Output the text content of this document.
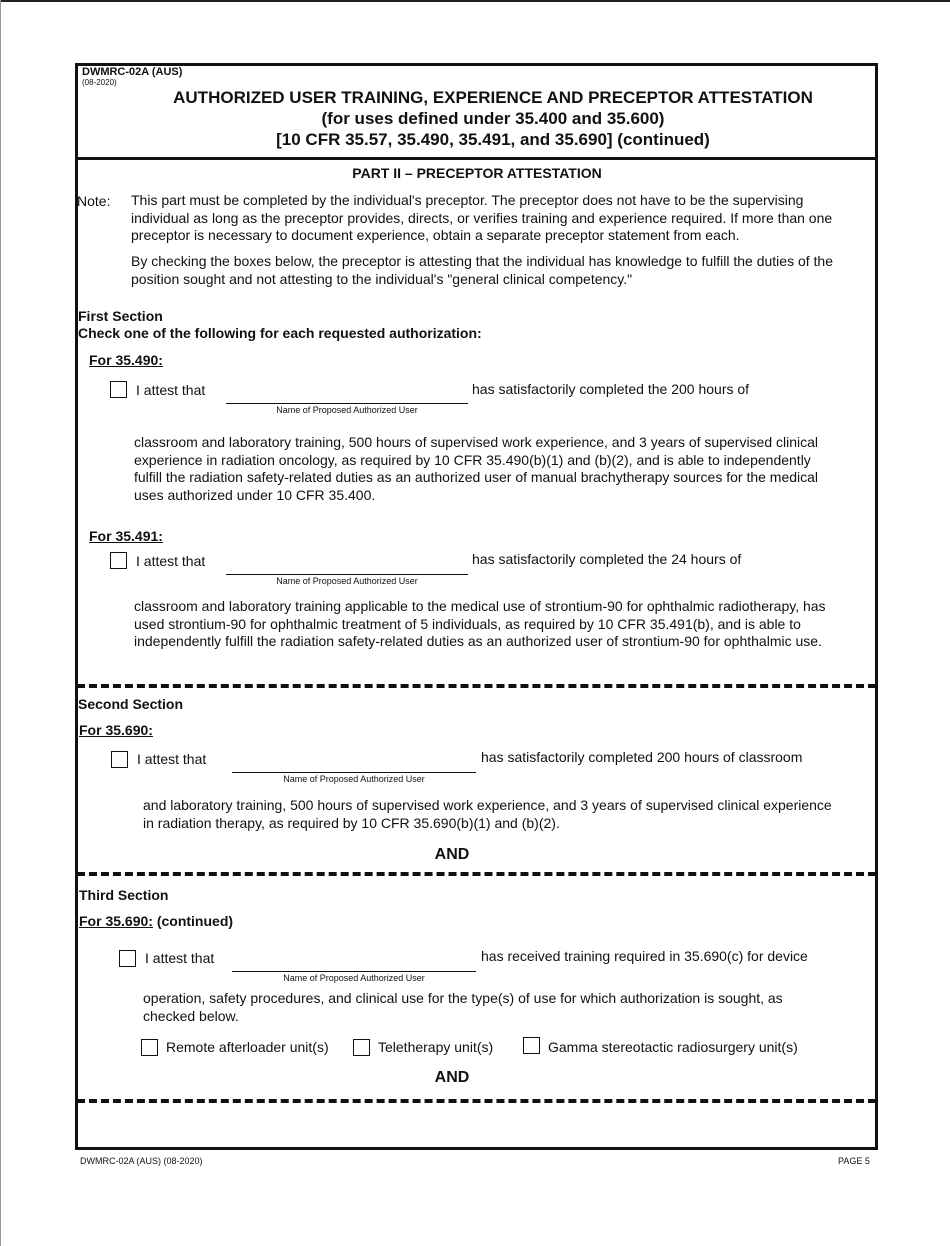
DWMRC-02A (AUS)
(08-2020)
AUTHORIZED USER TRAINING, EXPERIENCE AND PRECEPTOR ATTESTATION
(for uses defined under 35.400 and 35.600)
[10 CFR 35.57, 35.490, 35.491, and 35.690] (continued)
PART II – PRECEPTOR ATTESTATION
Note: This part must be completed by the individual's preceptor. The preceptor does not have to be the supervising individual as long as the preceptor provides, directs, or verifies training and experience required. If more than one preceptor is necessary to document experience, obtain a separate preceptor statement from each.
By checking the boxes below, the preceptor is attesting that the individual has knowledge to fulfill the duties of the position sought and not attesting to the individual's "general clinical competency."
First Section
Check one of the following for each requested authorization:
For 35.490:
I attest that
Name of Proposed Authorized User
has satisfactorily completed the 200 hours of
classroom and laboratory training, 500 hours of supervised work experience, and 3 years of supervised clinical experience in radiation oncology, as required by 10 CFR 35.490(b)(1) and (b)(2), and is able to independently fulfill the radiation safety-related duties as an authorized user of manual brachytherapy sources for the medical uses authorized under 10 CFR 35.400.
For 35.491:
I attest that
Name of Proposed Authorized User
has satisfactorily completed the 24 hours of
classroom and laboratory training applicable to the medical use of strontium-90 for ophthalmic radiotherapy, has used strontium-90 for ophthalmic treatment of 5 individuals, as required by 10 CFR 35.491(b), and is able to independently fulfill the radiation safety-related duties as an authorized user of strontium-90 for ophthalmic use.
Second Section
For 35.690:
I attest that
Name of Proposed Authorized User
has satisfactorily completed 200 hours of classroom
and laboratory training, 500 hours of supervised work experience, and 3 years of supervised clinical experience in radiation therapy, as required by 10 CFR 35.690(b)(1) and (b)(2).
AND
Third Section
For 35.690: (continued)
I attest that
Name of Proposed Authorized User
has received training required in 35.690(c) for device
operation, safety procedures, and clinical use for the type(s) of use for which authorization is sought, as checked below.
Remote afterloader unit(s)	Teletherapy unit(s)	Gamma stereotactic radiosurgery unit(s)
AND
DWMRC-02A (AUS) (08-2020)	PAGE 5
